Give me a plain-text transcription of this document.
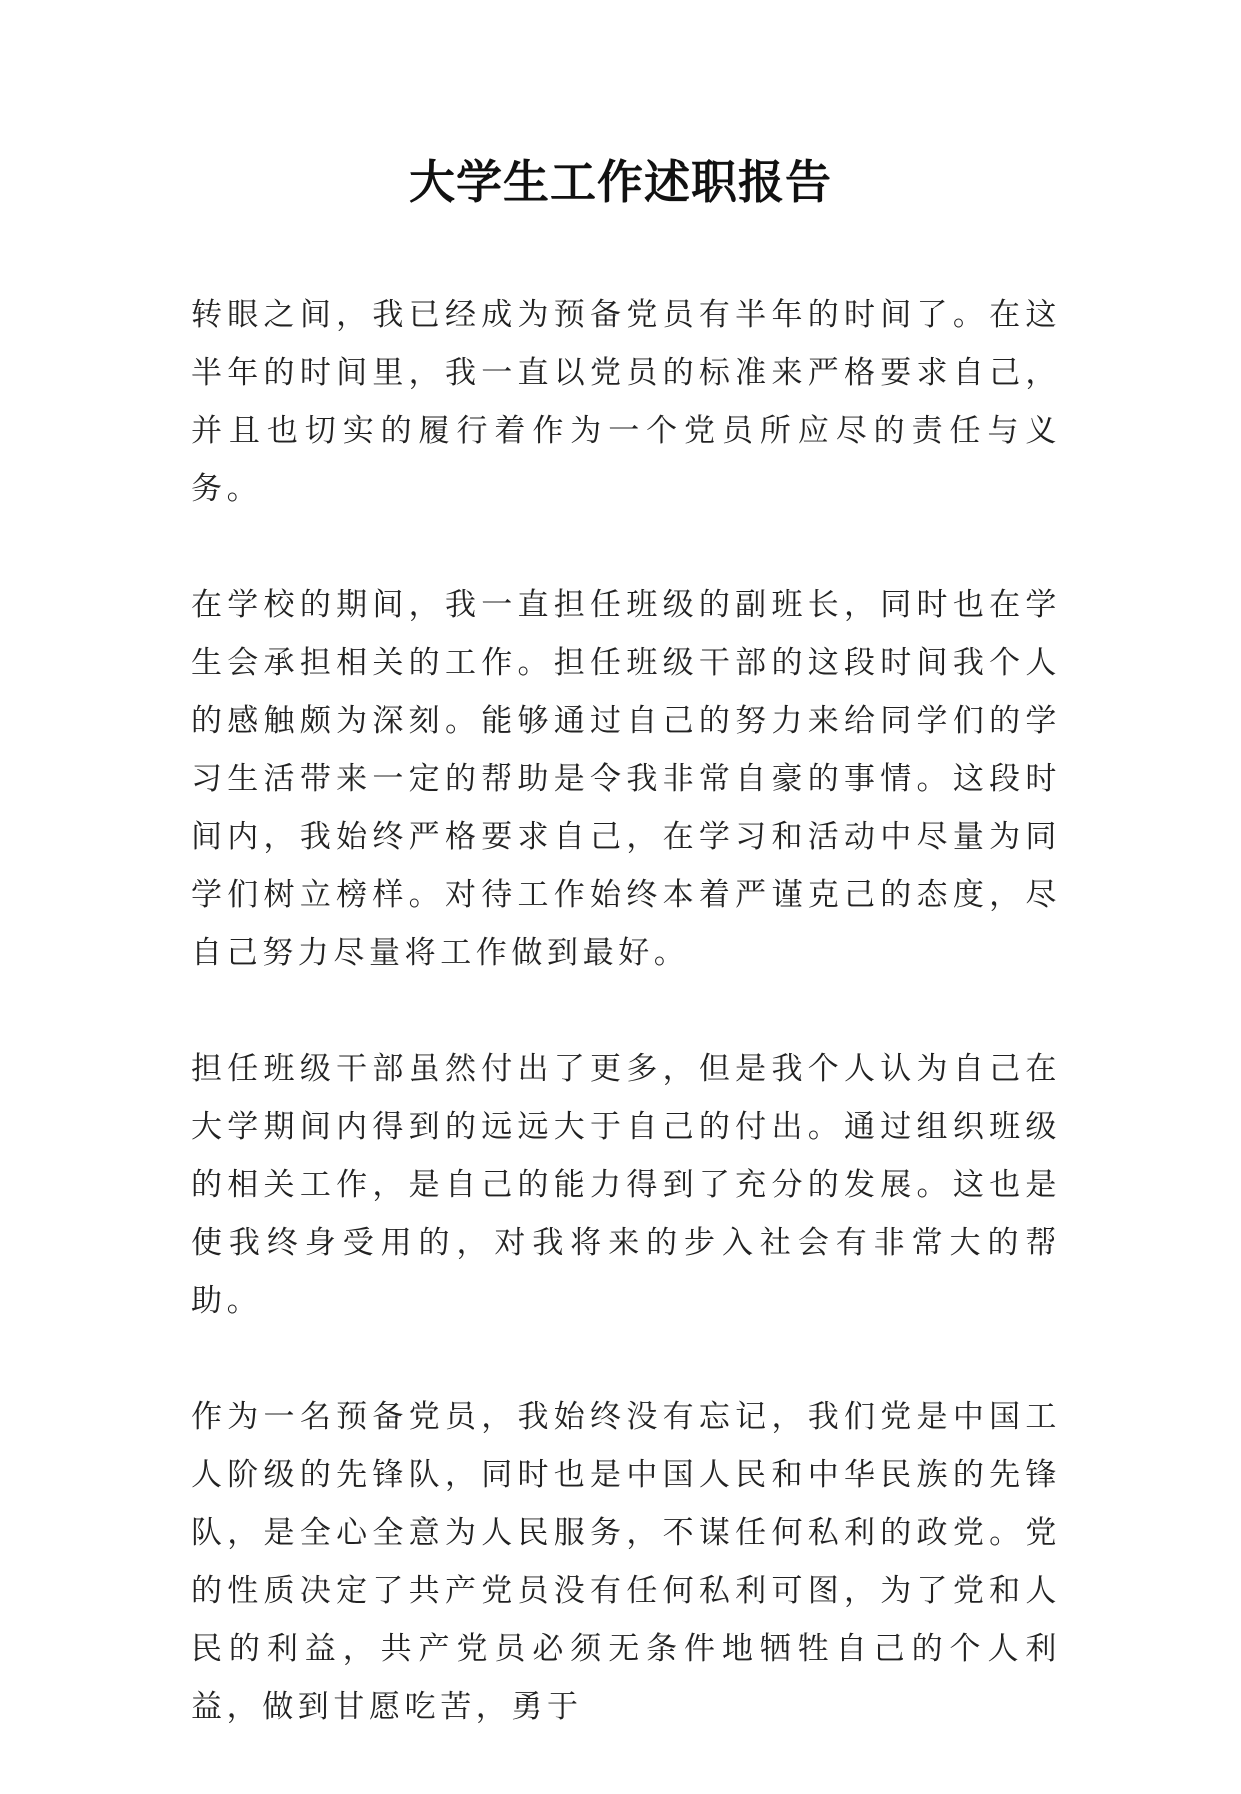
大学生工作述职报告

转眼之间，我已经成为预备党员有半年的时间了。在这半年的时间里，我一直以党员的标准来严格要求自己，并且也切实的履行着作为一个党员所应尽的责任与义务。

在学校的期间，我一直担任班级的副班长，同时也在学生会承担相关的工作。担任班级干部的这段时间我个人的感触颇为深刻。能够通过自己的努力来给同学们的学习生活带来一定的帮助是令我非常自豪的事情。这段时间内，我始终严格要求自己，在学习和活动中尽量为同学们树立榜样。对待工作始终本着严谨克己的态度，尽自己努力尽量将工作做到最好。

担任班级干部虽然付出了更多，但是我个人认为自己在大学期间内得到的远远大于自己的付出。通过组织班级的相关工作，是自己的能力得到了充分的发展。这也是使我终身受用的，对我将来的步入社会有非常大的帮助。

作为一名预备党员，我始终没有忘记，我们党是中国工人阶级的先锋队，同时也是中国人民和中华民族的先锋队，是全心全意为人民服务，不谋任何私利的政党。党的性质决定了共产党员没有任何私利可图，为了党和人民的利益，共产党员必须无条件地牺牲自己的个人利益，做到甘愿吃苦，勇于
